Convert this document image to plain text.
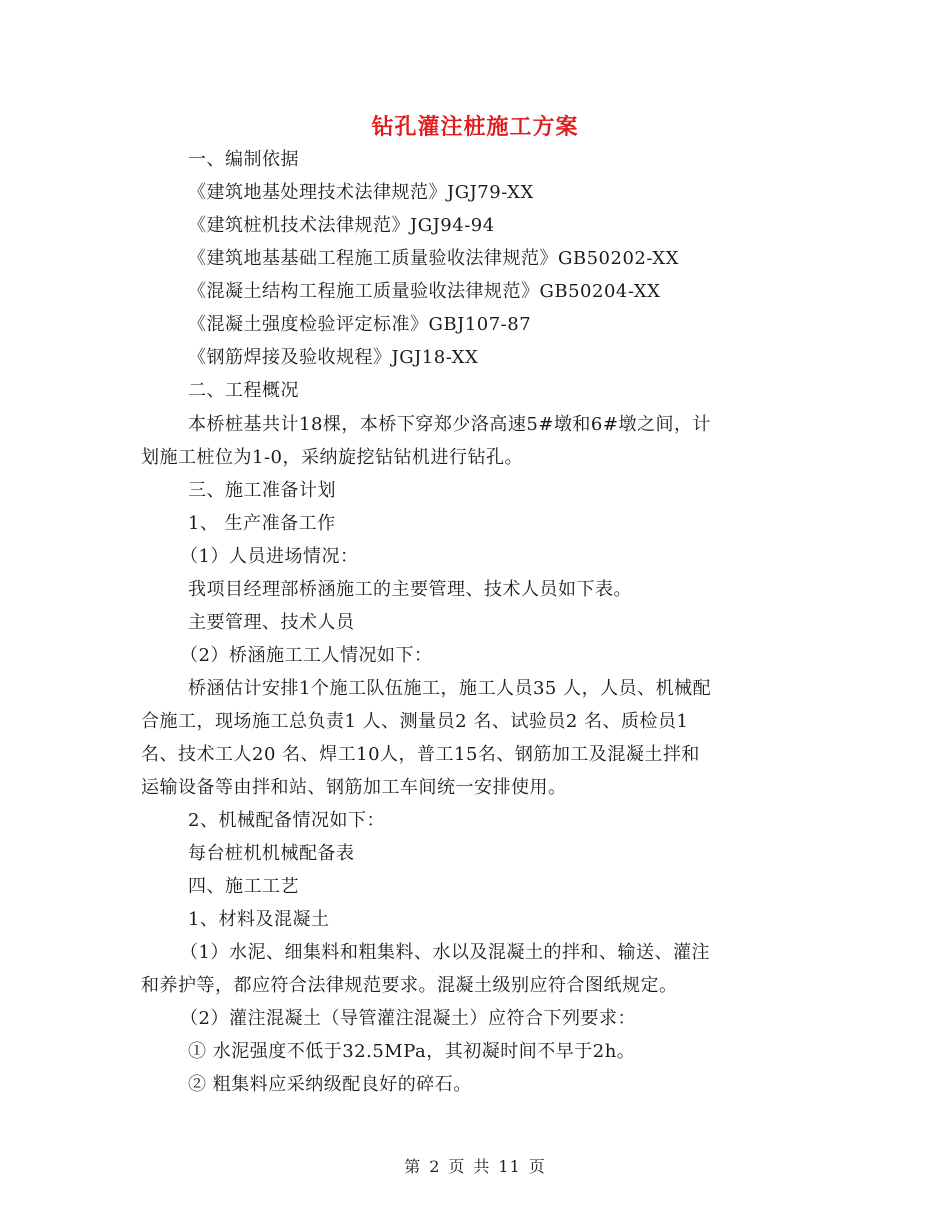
钻孔灌注桩施工方案
一、编制依据
《建筑地基处理技术法律规范》JGJ79-XX
《建筑桩机技术法律规范》JGJ94-94
《建筑地基基础工程施工质量验收法律规范》GB50202-XX
《混凝土结构工程施工质量验收法律规范》GB50204-XX
《混凝土强度检验评定标准》GBJ107-87
《钢筋焊接及验收规程》JGJ18-XX
二、工程概况
本桥桩基共计18棵，本桥下穿郑少洛高速5#墩和6#墩之间，计
划施工桩位为1-0，采纳旋挖钻钻机进行钻孔。
三、施工准备计划
1、 生产准备工作
（1）人员进场情况：
我项目经理部桥涵施工的主要管理、技术人员如下表。
主要管理、技术人员
（2）桥涵施工工人情况如下：
桥涵估计安排1个施工队伍施工，施工人员35 人，人员、机械配
合施工，现场施工总负责1 人、测量员2 名、试验员2 名、质检员1
名、技术工人20 名、焊工10人，普工15名、钢筋加工及混凝土拌和
运输设备等由拌和站、钢筋加工车间统一安排使用。
2、机械配备情况如下：
每台桩机机械配备表
四、施工工艺
1、材料及混凝土
（1）水泥、细集料和粗集料、水以及混凝土的拌和、输送、灌注
和养护等，都应符合法律规范要求。混凝土级别应符合图纸规定。
（2）灌注混凝土（导管灌注混凝土）应符合下列要求：
① 水泥强度不低于32.5MPa，其初凝时间不早于2h。
② 粗集料应采纳级配良好的碎石。
第 2 页 共 11 页
